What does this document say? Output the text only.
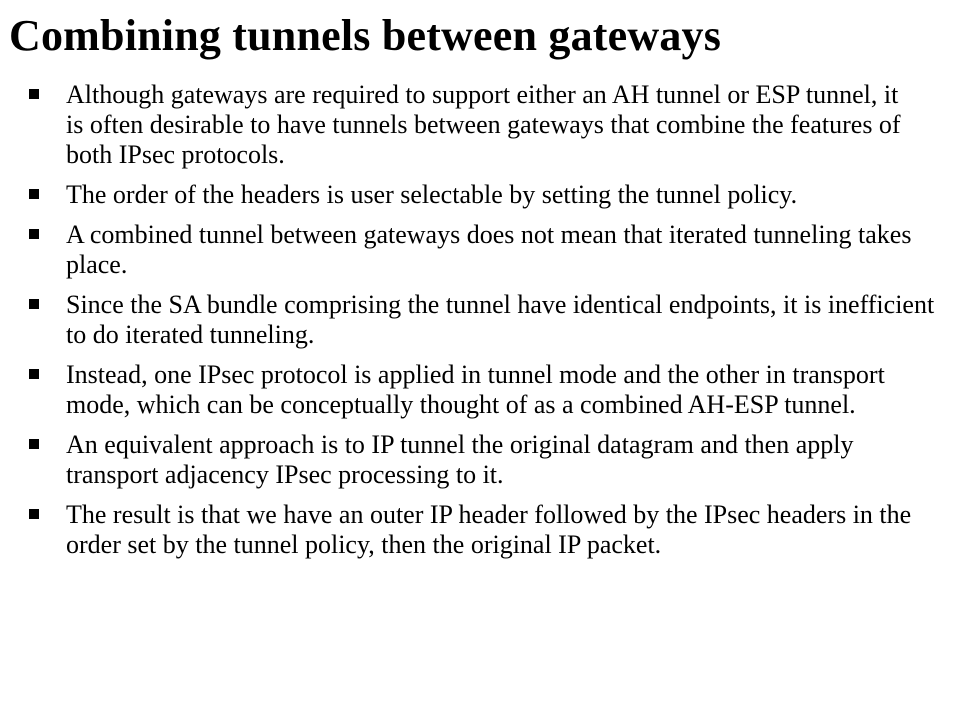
Combining tunnels between gateways
Although gateways are required to support either an AH tunnel or ESP tunnel, it is often desirable to have tunnels between gateways that combine the features of both IPsec protocols.
The order of the headers is user selectable by setting the tunnel policy.
A combined tunnel between gateways does not mean that iterated tunneling takes place.
Since the SA bundle comprising the tunnel have identical endpoints, it is inefficient to do iterated tunneling.
Instead, one IPsec protocol is applied in tunnel mode and the other in transport mode, which can be conceptually thought of as a combined AH-ESP tunnel.
An equivalent approach is to IP tunnel the original datagram and then apply transport adjacency IPsec processing to it.
The result is that we have an outer IP header followed by the IPsec headers in the order set by the tunnel policy, then the original IP packet.
